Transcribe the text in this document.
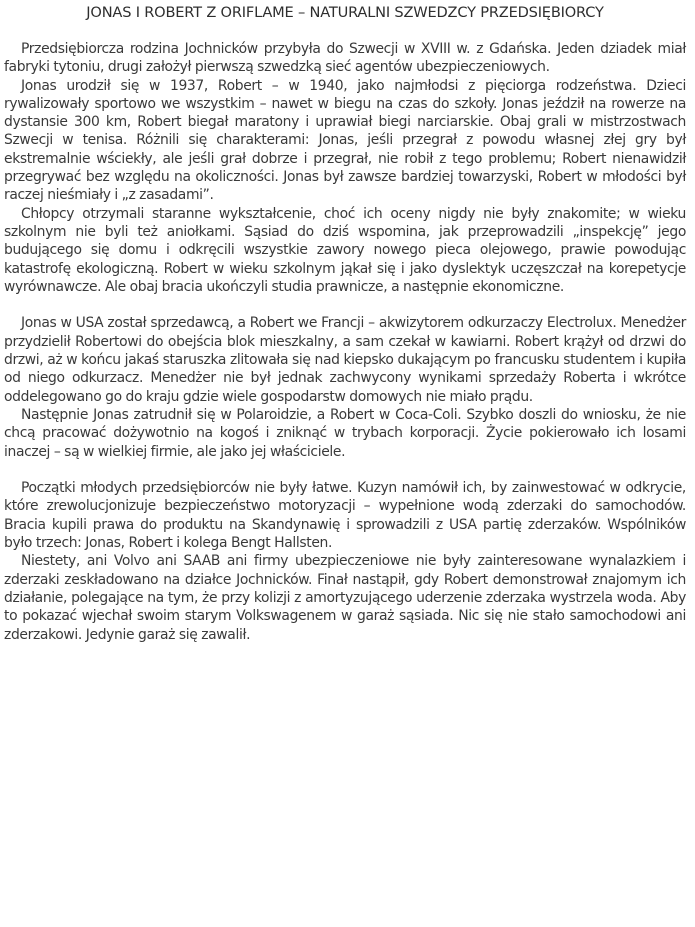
JONAS I ROBERT Z ORIFLAME – NATURALNI SZWEDZCY PRZEDSIĘBIORCY

Przedsiębiorcza rodzina Jochnicków przybyła do Szwecji w XVIII w. z Gdańska. Jeden dziadek miał fabryki tytoniu, drugi założył pierwszą szwedzką sieć agentów ubezpieczeniowych.

Jonas urodził się w 1937, Robert – w 1940, jako najmłodsi z pięciorga rodzeństwa. Dzieci rywalizowały sportowo we wszystkim – nawet w biegu na czas do szkoły. Jonas jeździł na rowerze na dystansie 300 km, Robert biegał maratony i uprawiał biegi narciarskie. Obaj grali w mistrzostwach Szwecji w tenisa. Różnili się charakterami: Jonas, jeśli przegrał z powodu własnej złej gry był ekstremalnie wściekły, ale jeśli grał dobrze i przegrał, nie robił z tego problemu; Robert nienawidził przegrywać bez względu na okoliczności. Jonas był zawsze bardziej towarzyski, Robert w młodości był raczej nieśmiały i „z zasadami”.

Chłopcy otrzymali staranne wykształcenie, choć ich oceny nigdy nie były znakomite; w wieku szkolnym nie byli też aniołkami. Sąsiad do dziś wspomina, jak przeprowadzili „inspekcję” jego budującego się domu i odkręcili wszystkie zawory nowego pieca olejowego, prawie powodując katastrofę ekologiczną. Robert w wieku szkolnym jąkał się i jako dyslektyk uczęszczał na korepetycje wyrównawcze. Ale obaj bracia ukończyli studia prawnicze, a następnie ekonomiczne.

Jonas w USA został sprzedawcą, a Robert we Francji – akwizytorem odkurzaczy Electrolux. Menedżer przydzielił Robertowi do obejścia blok mieszkalny, a sam czekał w kawiarni. Robert krążył od drzwi do drzwi, aż w końcu jakaś staruszka zlitowała się nad kiepsko dukającym po francusku studentem i kupiła od niego odkurzacz. Menedżer nie był jednak zachwycony wynikami sprzedaży Roberta i wkrótce oddelegowano go do kraju gdzie wiele gospodarstw domowych nie miało prądu.

Następnie Jonas zatrudnił się w Polaroidzie, a Robert w Coca-Coli. Szybko doszli do wniosku, że nie chcą pracować dożywotnio na kogoś i zniknąć w trybach korporacji. Życie pokierowało ich losami inaczej – są w wielkiej firmie, ale jako jej właściciele.

Początki młodych przedsiębiorców nie były łatwe. Kuzyn namówił ich, by zainwestować w odkrycie, które zrewolucjonizuje bezpieczeństwo motoryzacji – wypełnione wodą zderzaki do samochodów. Bracia kupili prawa do produktu na Skandynawię i sprowadzili z USA partię zderzaków. Wspólników było trzech: Jonas, Robert i kolega Bengt Hallsten.

Niestety, ani Volvo ani SAAB ani firmy ubezpieczeniowe nie były zainteresowane wynalazkiem i zderzaki zeskładowano na działce Jochnicków. Finał nastąpił, gdy Robert demonstrował znajomym ich działanie, polegające na tym, że przy kolizji z amortyzującego uderzenie zderzaka wystrzela woda. Aby to pokazać wjechał swoim starym Volkswagenem w garaż sąsiada. Nic się nie stało samochodowi ani zderzakowi. Jedynie garaż się zawalił.
